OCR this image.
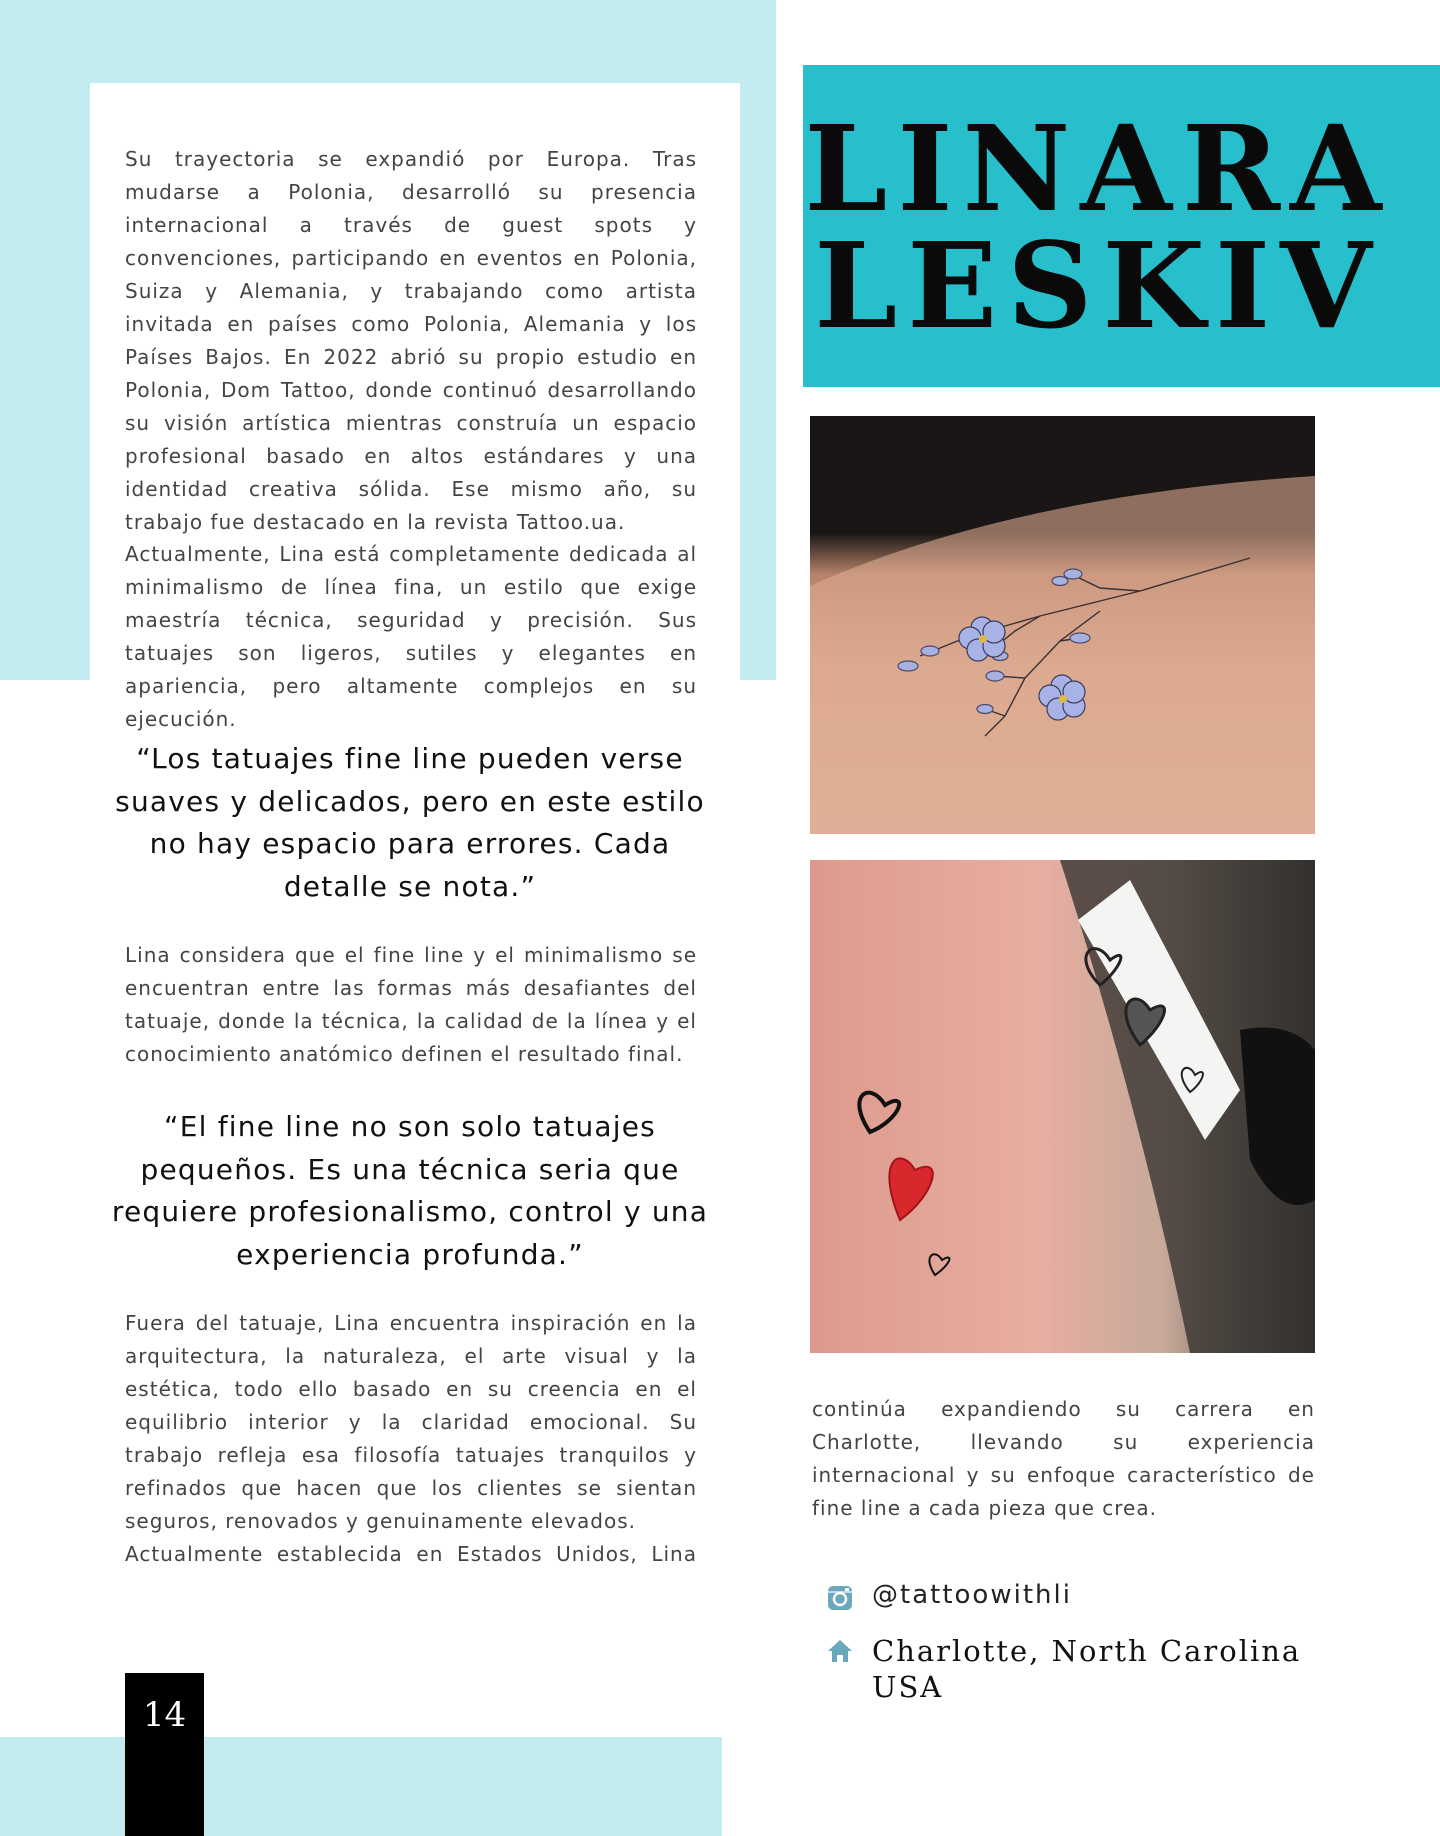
Su trayectoria se expandió por Europa. Tras mudarse a Polonia, desarrolló su presencia internacional a través de guest spots y convenciones, participando en eventos en Polonia, Suiza y Alemania, y trabajando como artista invitada en países como Polonia, Alemania y los Países Bajos. En 2022 abrió su propio estudio en Polonia, Dom Tattoo, donde continuó desarrollando su visión artística mientras construía un espacio profesional basado en altos estándares y una identidad creativa sólida. Ese mismo año, su trabajo fue destacado en la revista Tattoo.ua.

Actualmente, Lina está completamente dedicada al minimalismo de línea fina, un estilo que exige maestría técnica, seguridad y precisión. Sus tatuajes son ligeros, sutiles y elegantes en apariencia, pero altamente complejos en su ejecución.

“Los tatuajes fine line pueden verse suaves y delicados, pero en este estilo no hay espacio para errores. Cada detalle se nota.”

Lina considera que el fine line y el minimalismo se encuentran entre las formas más desafiantes del tatuaje, donde la técnica, la calidad de la línea y el conocimiento anatómico definen el resultado final.

“El fine line no son solo tatuajes pequeños. Es una técnica seria que requiere profesionalismo, control y una experiencia profunda.”

Fuera del tatuaje, Lina encuentra inspiración en la arquitectura, la naturaleza, el arte visual y la estética, todo ello basado en su creencia en el equilibrio interior y la claridad emocional. Su trabajo refleja esa filosofía tatuajes tranquilos y refinados que hacen que los clientes se sientan seguros, renovados y genuinamente elevados.

Actualmente establecida en Estados Unidos, Lina

14
LINARA
LESKIV

continúa expandiendo su carrera en Charlotte, llevando su experiencia internacional y su enfoque característico de fine line a cada pieza que crea.

@tattoowithli
Charlotte, North Carolina
USA
